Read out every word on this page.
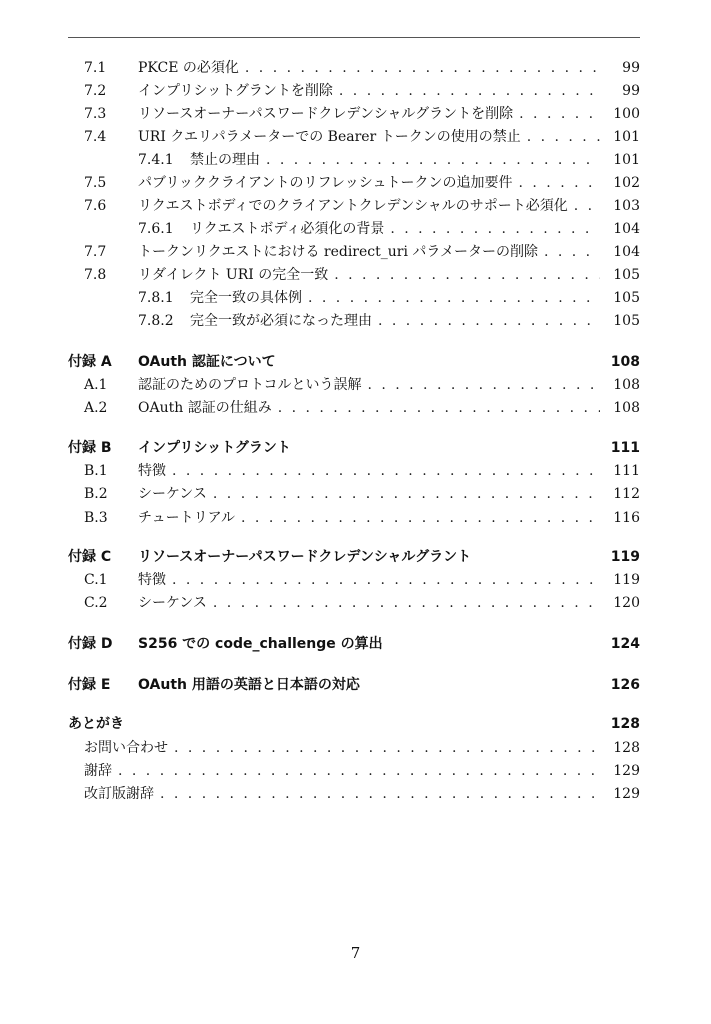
7.1 PKCE の必須化 . . .	99
7.2 インプリシットグラントを削除 . . .	99
7.3 リソースオーナーパスワードクレデンシャルグラントを削除 . . .	100
7.4 URI クエリパラメーターでの Bearer トークンの使用の禁止 . . .	101
7.4.1 禁止の理由 . . .	101
7.5 パブリッククライアントのリフレッシュトークンの追加要件 . . .	102
7.6 リクエストボディでのクライアントクレデンシャルのサポート必須化 . . .	103
7.6.1 リクエストボディ必須化の背景 . . .	104
7.7 トークンリクエストにおける redirect_uri パラメーターの削除 . . .	104
7.8 リダイレクト URI の完全一致 . . .	105
7.8.1 完全一致の具体例 . . .	105
7.8.2 完全一致が必須になった理由 . . .	105
付録 A OAuth 認証について	108
A.1 認証のためのプロトコルという誤解 . . .	108
A.2 OAuth 認証の仕組み . . .	108
付録 B インプリシットグラント	111
B.1 特徴 . . .	111
B.2 シーケンス . . .	112
B.3 チュートリアル . . .	116
付録 C リソースオーナーパスワードクレデンシャルグラント	119
C.1 特徴 . . .	119
C.2 シーケンス . . .	120
付録 D S256 での code_challenge の算出	124
付録 E OAuth 用語の英語と日本語の対応	126
あとがき	128
お問い合わせ . . .	128
謝辞 . . .	129
改訂版謝辞 . . .	129
7
